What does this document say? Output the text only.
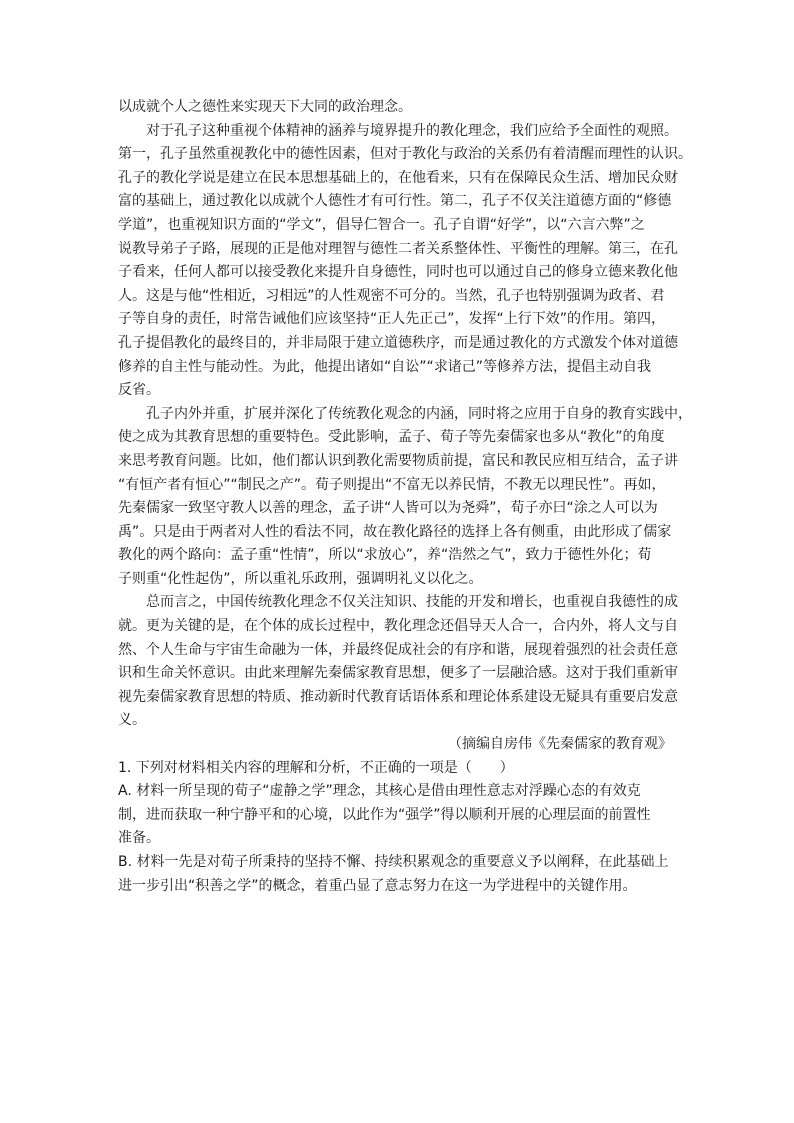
以成就个人之德性来实现天下大同的政治理念。
对于孔子这种重视个体精神的涵养与境界提升的教化理念，我们应给予全面性的观照。
第一，孔子虽然重视教化中的德性因素，但对于教化与政治的关系仍有着清醒而理性的认识。
孔子的教化学说是建立在民本思想基础上的，在他看来，只有在保障民众生活、增加民众财
富的基础上，通过教化以成就个人德性才有可行性。第二，孔子不仅关注道德方面的“修德
学道”，也重视知识方面的“学文”，倡导仁智合一。孔子自谓“好学”，以“六言六弊”之
说教导弟子子路，展现的正是他对理智与德性二者关系整体性、平衡性的理解。第三，在孔
子看来，任何人都可以接受教化来提升自身德性，同时也可以通过自己的修身立德来教化他
人。这是与他“性相近，习相远”的人性观密不可分的。当然，孔子也特别强调为政者、君
子等自身的责任，时常告诫他们应该坚持“正人先正己”，发挥“上行下效”的作用。第四，
孔子提倡教化的最终目的，并非局限于建立道德秩序，而是通过教化的方式激发个体对道德
修养的自主性与能动性。为此，他提出诸如“自讼”“求诸己”等修养方法，提倡主动自我
反省。
孔子内外并重，扩展并深化了传统教化观念的内涵，同时将之应用于自身的教育实践中，
使之成为其教育思想的重要特色。受此影响，孟子、荀子等先秦儒家也多从“教化”的角度
来思考教育问题。比如，他们都认识到教化需要物质前提，富民和教民应相互结合，孟子讲
“有恒产者有恒心”“制民之产”。荀子则提出“不富无以养民情，不教无以理民性”。再如，
先秦儒家一致坚守教人以善的理念，孟子讲“人皆可以为尧舜”，荀子亦曰“涂之人可以为
禹”。只是由于两者对人性的看法不同，故在教化路径的选择上各有侧重，由此形成了儒家
教化的两个路向：孟子重“性情”，所以“求放心”，养“浩然之气”，致力于德性外化；荀
子则重“化性起伪”，所以重礼乐政刑，强调明礼义以化之。
总而言之，中国传统教化理念不仅关注知识、技能的开发和增长，也重视自我德性的成
就。更为关键的是，在个体的成长过程中，教化理念还倡导天人合一，合内外，将人文与自
然、个人生命与宇宙生命融为一体，并最终促成社会的有序和谐，展现着强烈的社会责任意
识和生命关怀意识。由此来理解先秦儒家教育思想，便多了一层融洽感。这对于我们重新审
视先秦儒家教育思想的特质、推动新时代教育话语体系和理论体系建设无疑具有重要启发意
义。
（摘编自房伟《先秦儒家的教育观》
1. 下列对材料相关内容的理解和分析，不正确的一项是（　　）
A. 材料一所呈现的荀子“虚静之学”理念，其核心是借由理性意志对浮躁心态的有效克
制，进而获取一种宁静平和的心境，以此作为“强学”得以顺利开展的心理层面的前置性
准备。
B. 材料一先是对荀子所秉持的坚持不懈、持续积累观念的重要意义予以阐释，在此基础上
进一步引出“积善之学”的概念，着重凸显了意志努力在这一为学进程中的关键作用。
